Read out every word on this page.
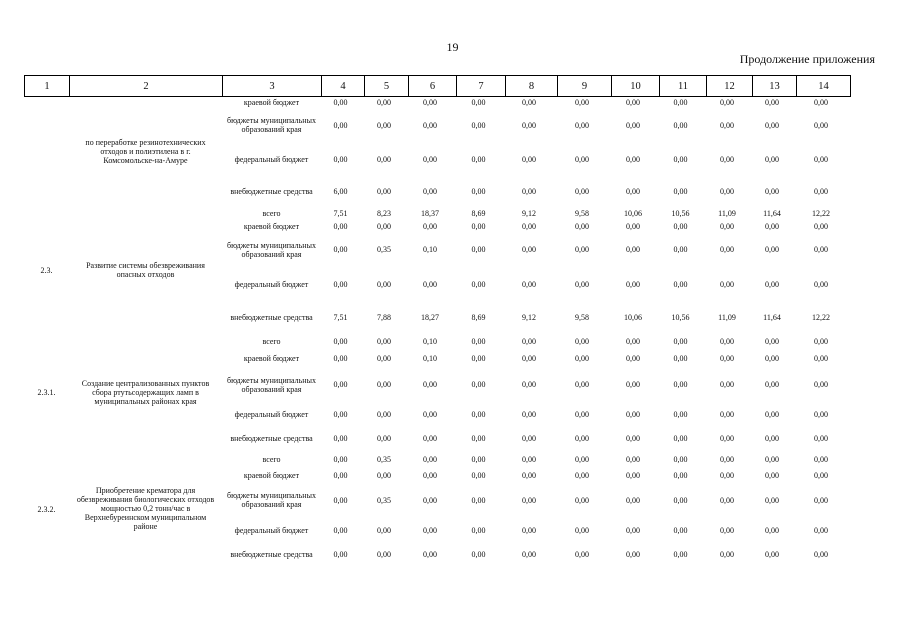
19
Продолжение приложения
1	2	3	4	5	6	7	8	9	10	11	12	13	14
	по переработке резинотехнических отходов и полиэтилена в г. Комсомольске-на-Амуре	краевой бюджет	0,00	0,00	0,00	0,00	0,00	0,00	0,00	0,00	0,00	0,00	0,00
		бюджеты муниципальных образований края	0,00	0,00	0,00	0,00	0,00	0,00	0,00	0,00	0,00	0,00	0,00
		федеральный бюджет	0,00	0,00	0,00	0,00	0,00	0,00	0,00	0,00	0,00	0,00	0,00
		внебюджетные средства	6,00	0,00	0,00	0,00	0,00	0,00	0,00	0,00	0,00	0,00	0,00
2.3.	Развитие системы обезвреживания опасных отходов	всего	7,51	8,23	18,37	8,69	9,12	9,58	10,06	10,56	11,09	11,64	12,22
		краевой бюджет	0,00	0,00	0,00	0,00	0,00	0,00	0,00	0,00	0,00	0,00	0,00
		бюджеты муниципальных образований края	0,00	0,35	0,10	0,00	0,00	0,00	0,00	0,00	0,00	0,00	0,00
		федеральный бюджет	0,00	0,00	0,00	0,00	0,00	0,00	0,00	0,00	0,00	0,00	0,00
		внебюджетные средства	7,51	7,88	18,27	8,69	9,12	9,58	10,06	10,56	11,09	11,64	12,22
2.3.1.	Создание централизованных пунктов сбора ртутьсодержащих ламп в муниципальных районах края	всего	0,00	0,00	0,10	0,00	0,00	0,00	0,00	0,00	0,00	0,00	0,00
		краевой бюджет	0,00	0,00	0,10	0,00	0,00	0,00	0,00	0,00	0,00	0,00	0,00
		бюджеты муниципальных образований края	0,00	0,00	0,00	0,00	0,00	0,00	0,00	0,00	0,00	0,00	0,00
		федеральный бюджет	0,00	0,00	0,00	0,00	0,00	0,00	0,00	0,00	0,00	0,00	0,00
		внебюджетные средства	0,00	0,00	0,00	0,00	0,00	0,00	0,00	0,00	0,00	0,00	0,00
2.3.2.	Приобретение крематора для обезвреживания биологических отходов мощностью 0,2 тонн/час в Верхнебуреинском муниципальном районе	всего	0,00	0,35	0,00	0,00	0,00	0,00	0,00	0,00	0,00	0,00	0,00
		краевой бюджет	0,00	0,00	0,00	0,00	0,00	0,00	0,00	0,00	0,00	0,00	0,00
		бюджеты муниципальных образований края	0,00	0,35	0,00	0,00	0,00	0,00	0,00	0,00	0,00	0,00	0,00
		федеральный бюджет	0,00	0,00	0,00	0,00	0,00	0,00	0,00	0,00	0,00	0,00	0,00
		внебюджетные средства	0,00	0,00	0,00	0,00	0,00	0,00	0,00	0,00	0,00	0,00	0,00
